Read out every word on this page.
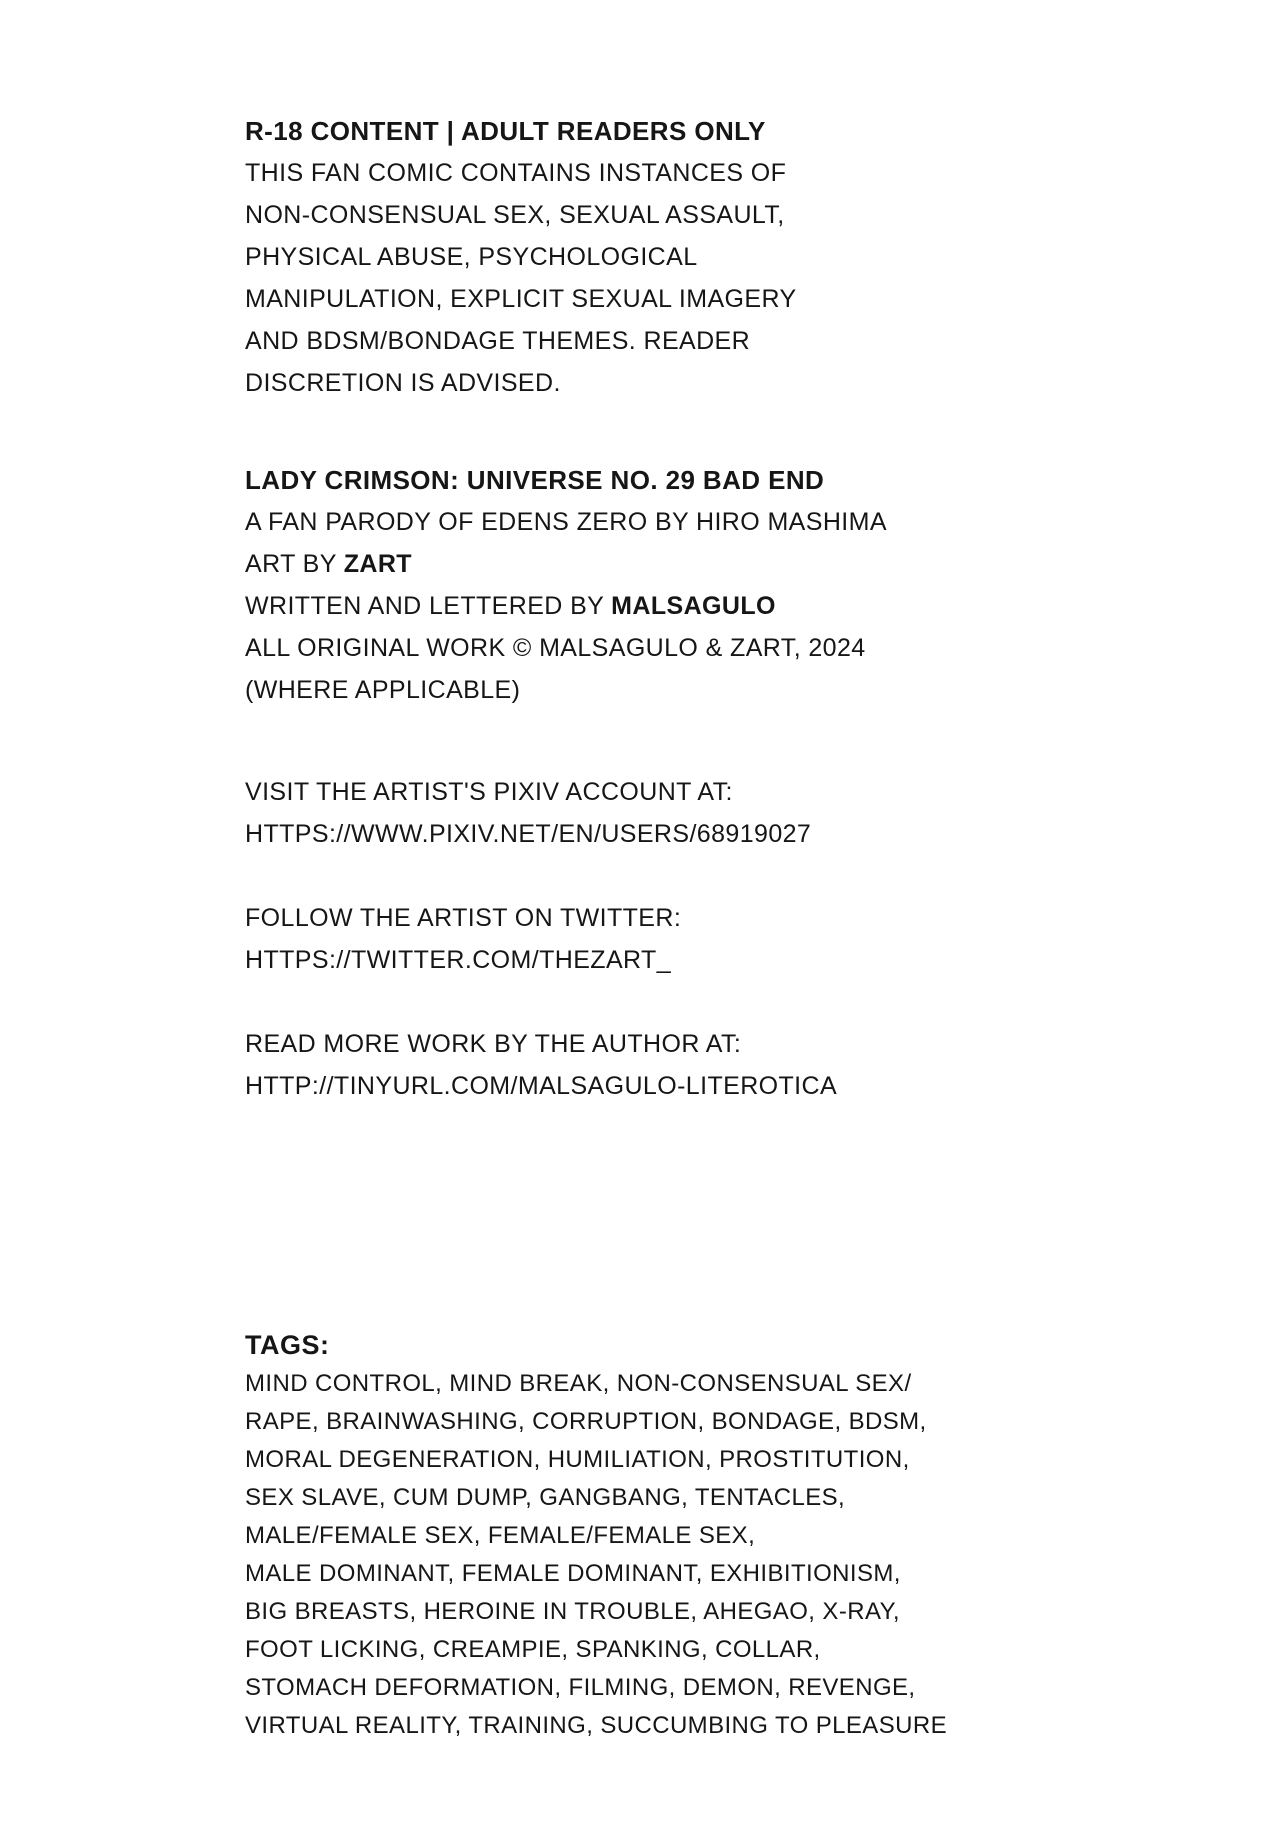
R-18 CONTENT | ADULT READERS ONLY
THIS FAN COMIC CONTAINS INSTANCES OF
NON-CONSENSUAL SEX, SEXUAL ASSAULT,
PHYSICAL ABUSE, PSYCHOLOGICAL
MANIPULATION, EXPLICIT SEXUAL IMAGERY
AND BDSM/BONDAGE THEMES. READER
DISCRETION IS ADVISED.
LADY CRIMSON: UNIVERSE NO. 29 BAD END
A FAN PARODY OF EDENS ZERO BY HIRO MASHIMA
ART BY ZART
WRITTEN AND LETTERED BY MALSAGULO
ALL ORIGINAL WORK © MALSAGULO & ZART, 2024
(WHERE APPLICABLE)
VISIT THE ARTIST'S PIXIV ACCOUNT AT:
HTTPS://WWW.PIXIV.NET/EN/USERS/68919027
FOLLOW THE ARTIST ON TWITTER:
HTTPS://TWITTER.COM/THEZART_
READ MORE WORK BY THE AUTHOR AT:
HTTP://TINYURL.COM/MALSAGULO-LITEROTICA
TAGS:
MIND CONTROL, MIND BREAK, NON-CONSENSUAL SEX/
RAPE, BRAINWASHING, CORRUPTION, BONDAGE, BDSM,
MORAL DEGENERATION, HUMILIATION, PROSTITUTION,
SEX SLAVE, CUM DUMP, GANGBANG, TENTACLES,
MALE/FEMALE SEX, FEMALE/FEMALE SEX,
MALE DOMINANT, FEMALE DOMINANT, EXHIBITIONISM,
BIG BREASTS, HEROINE IN TROUBLE, AHEGAO, X-RAY,
FOOT LICKING, CREAMPIE, SPANKING, COLLAR,
STOMACH DEFORMATION, FILMING, DEMON, REVENGE,
VIRTUAL REALITY, TRAINING, SUCCUMBING TO PLEASURE
